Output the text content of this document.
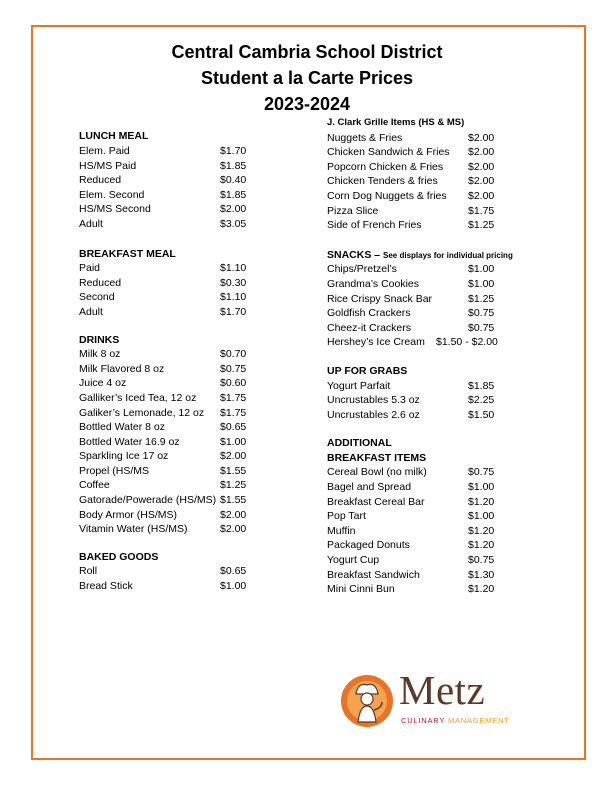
Central Cambria School District
Student a la Carte Prices
2023-2024
LUNCH MEAL
Elem. Paid	$1.70
HS/MS Paid	$1.85
Reduced	$0.40
Elem. Second	$1.85
HS/MS Second	$2.00
Adult	$3.05
BREAKFAST MEAL
Paid	$1.10
Reduced	$0.30
Second	$1.10
Adult	$1.70
DRINKS
Milk 8 oz	$0.70
Milk Flavored 8 oz	$0.75
Juice 4 oz	$0.60
Galliker’s Iced Tea, 12 oz $1.75
Galiker’s Lemonade, 12 oz $1.75
Bottled Water 8 oz	$0.65
Bottled Water 16.9 oz	$1.00
Sparkling Ice 17 oz	$2.00
Propel (HS/MS	$1.55
Coffee	$1.25
Gatorade/Powerade (HS/MS) $1.55
Body Armor (HS/MS)	$2.00
Vitamin Water (HS/MS)	$2.00
BAKED GOODS
Roll	$0.65
Bread Stick	$1.00
J. Clark Grille Items (HS & MS)
Nuggets & Fries	$2.00
Chicken Sandwich & Fries $2.00
Popcorn Chicken & Fries $2.00
Chicken Tenders & fries	$2.00
Corn Dog Nuggets & fries $2.00
Pizza Slice	$1.75
Side of French Fries	$1.25
SNACKS – See displays for individual pricing
Chips/Pretzel’s	$1.00
Grandma’s Cookies	$1.00
Rice Crispy Snack Bar	$1.25
Goldfish Crackers	$0.75
Cheez-it Crackers	$0.75
Hershey’s Ice Cream $1.50 - $2.00
UP FOR GRABS
Yogurt Parfait	$1.85
Uncrustables 5.3 oz	$2.25
Uncrustables 2.6 oz	$1.50
ADDITIONAL
BREAKFAST ITEMS
Cereal Bowl (no milk)	$0.75
Bagel and Spread	$1.00
Breakfast Cereal Bar	$1.20
Pop Tart	$1.00
Muffin	$1.20
Packaged Donuts	$1.20
Yogurt Cup	$0.75
Breakfast Sandwich	$1.30
Mini Cinni Bun	$1.20
Metz
CULINARY MANAGEMENT
